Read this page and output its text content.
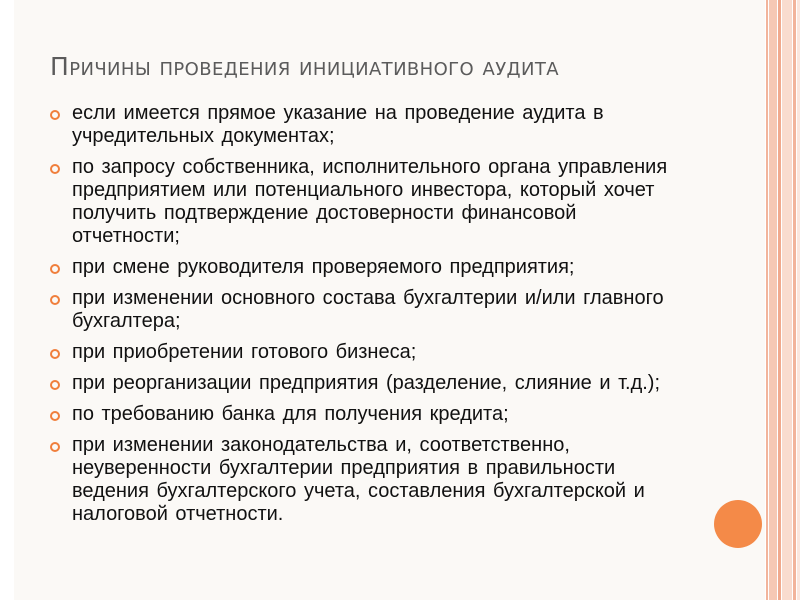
Причины проведения инициативного аудита
если имеется прямое указание на проведение аудита в учредительных документах;
по запросу собственника, исполнительного органа управления предприятием или потенциального инвестора, который хочет получить подтверждение достоверности финансовой отчетности;
при смене руководителя проверяемого предприятия;
при изменении основного состава бухгалтерии и/или главного бухгалтера;
при приобретении готового бизнеса;
при реорганизации предприятия (разделение, слияние и т.д.);
по требованию банка для получения кредита;
при изменении законодательства и, соответственно, неуверенности бухгалтерии предприятия в правильности ведения бухгалтерского учета, составления бухгалтерской и налоговой отчетности.
